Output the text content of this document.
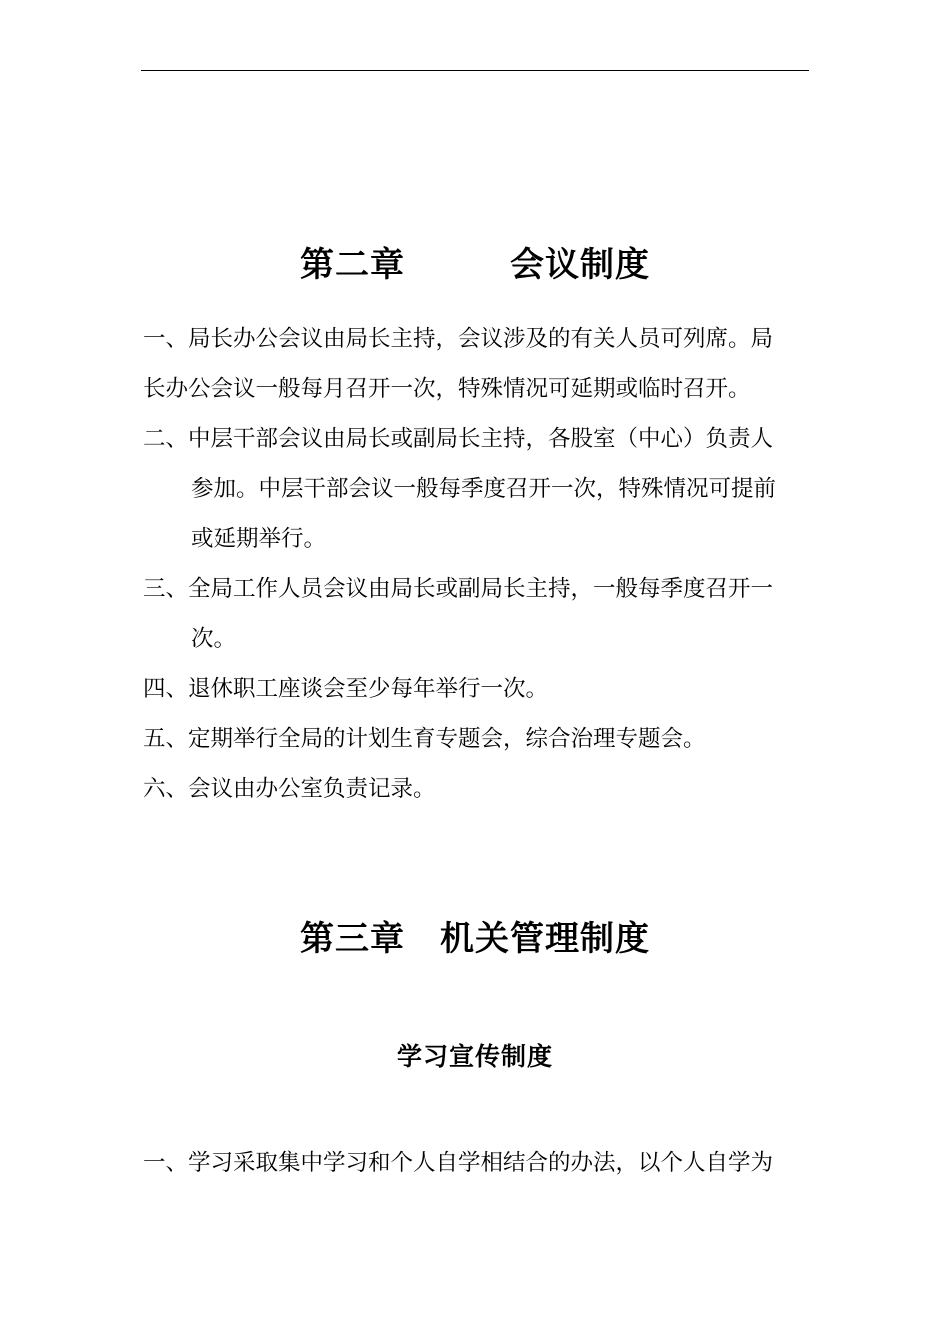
第二章　　　会议制度
一、局长办公会议由局长主持，会议涉及的有关人员可列席。局
长办公会议一般每月召开一次，特殊情况可延期或临时召开。
二、中层干部会议由局长或副局长主持，各股室（中心）负责人
参加。中层干部会议一般每季度召开一次，特殊情况可提前
或延期举行。
三、全局工作人员会议由局长或副局长主持，一般每季度召开一
次。
四、退休职工座谈会至少每年举行一次。
五、定期举行全局的计划生育专题会，综合治理专题会。
六、会议由办公室负责记录。
第三章　机关管理制度
学习宣传制度
一、学习采取集中学习和个人自学相结合的办法，以个人自学为
